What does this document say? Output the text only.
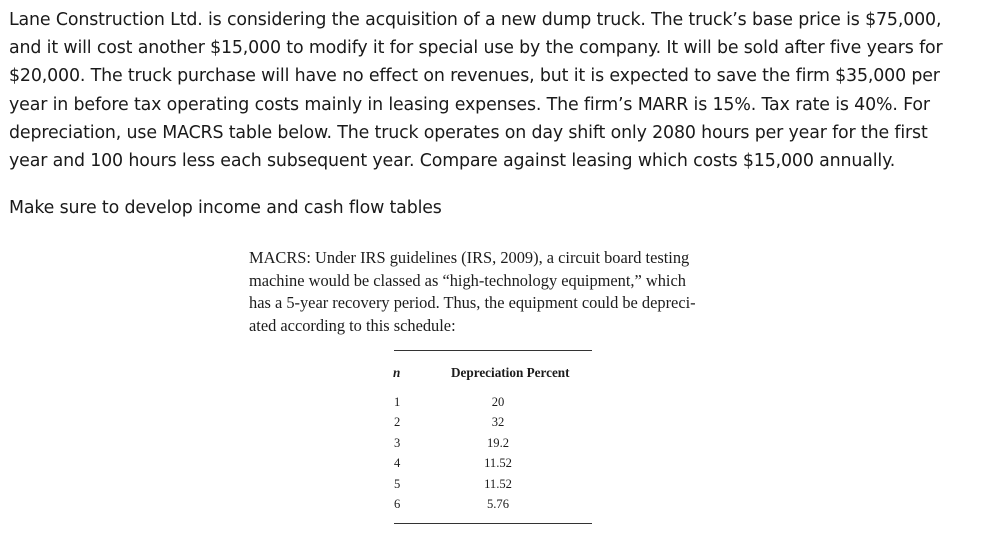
Lane Construction Ltd. is considering the acquisition of a new dump truck. The truck’s base price is $75,000,
and it will cost another $15,000 to modify it for special use by the company. It will be sold after five years for
$20,000. The truck purchase will have no effect on revenues, but it is expected to save the firm $35,000 per
year in before tax operating costs mainly in leasing expenses. The firm’s MARR is 15%. Tax rate is 40%. For
depreciation, use MACRS table below. The truck operates on day shift only 2080 hours per year for the first
year and 100 hours less each subsequent year. Compare against leasing which costs $15,000 annually.
Make sure to develop income and cash flow tables
MACRS: Under IRS guidelines (IRS, 2009), a circuit board testing
machine would be classed as “high-technology equipment,” which
has a 5-year recovery period. Thus, the equipment could be depreci-
ated according to this schedule:
n	Depreciation Percent
1	20
2	32
3	19.2
4	11.52
5	11.52
6	5.76
